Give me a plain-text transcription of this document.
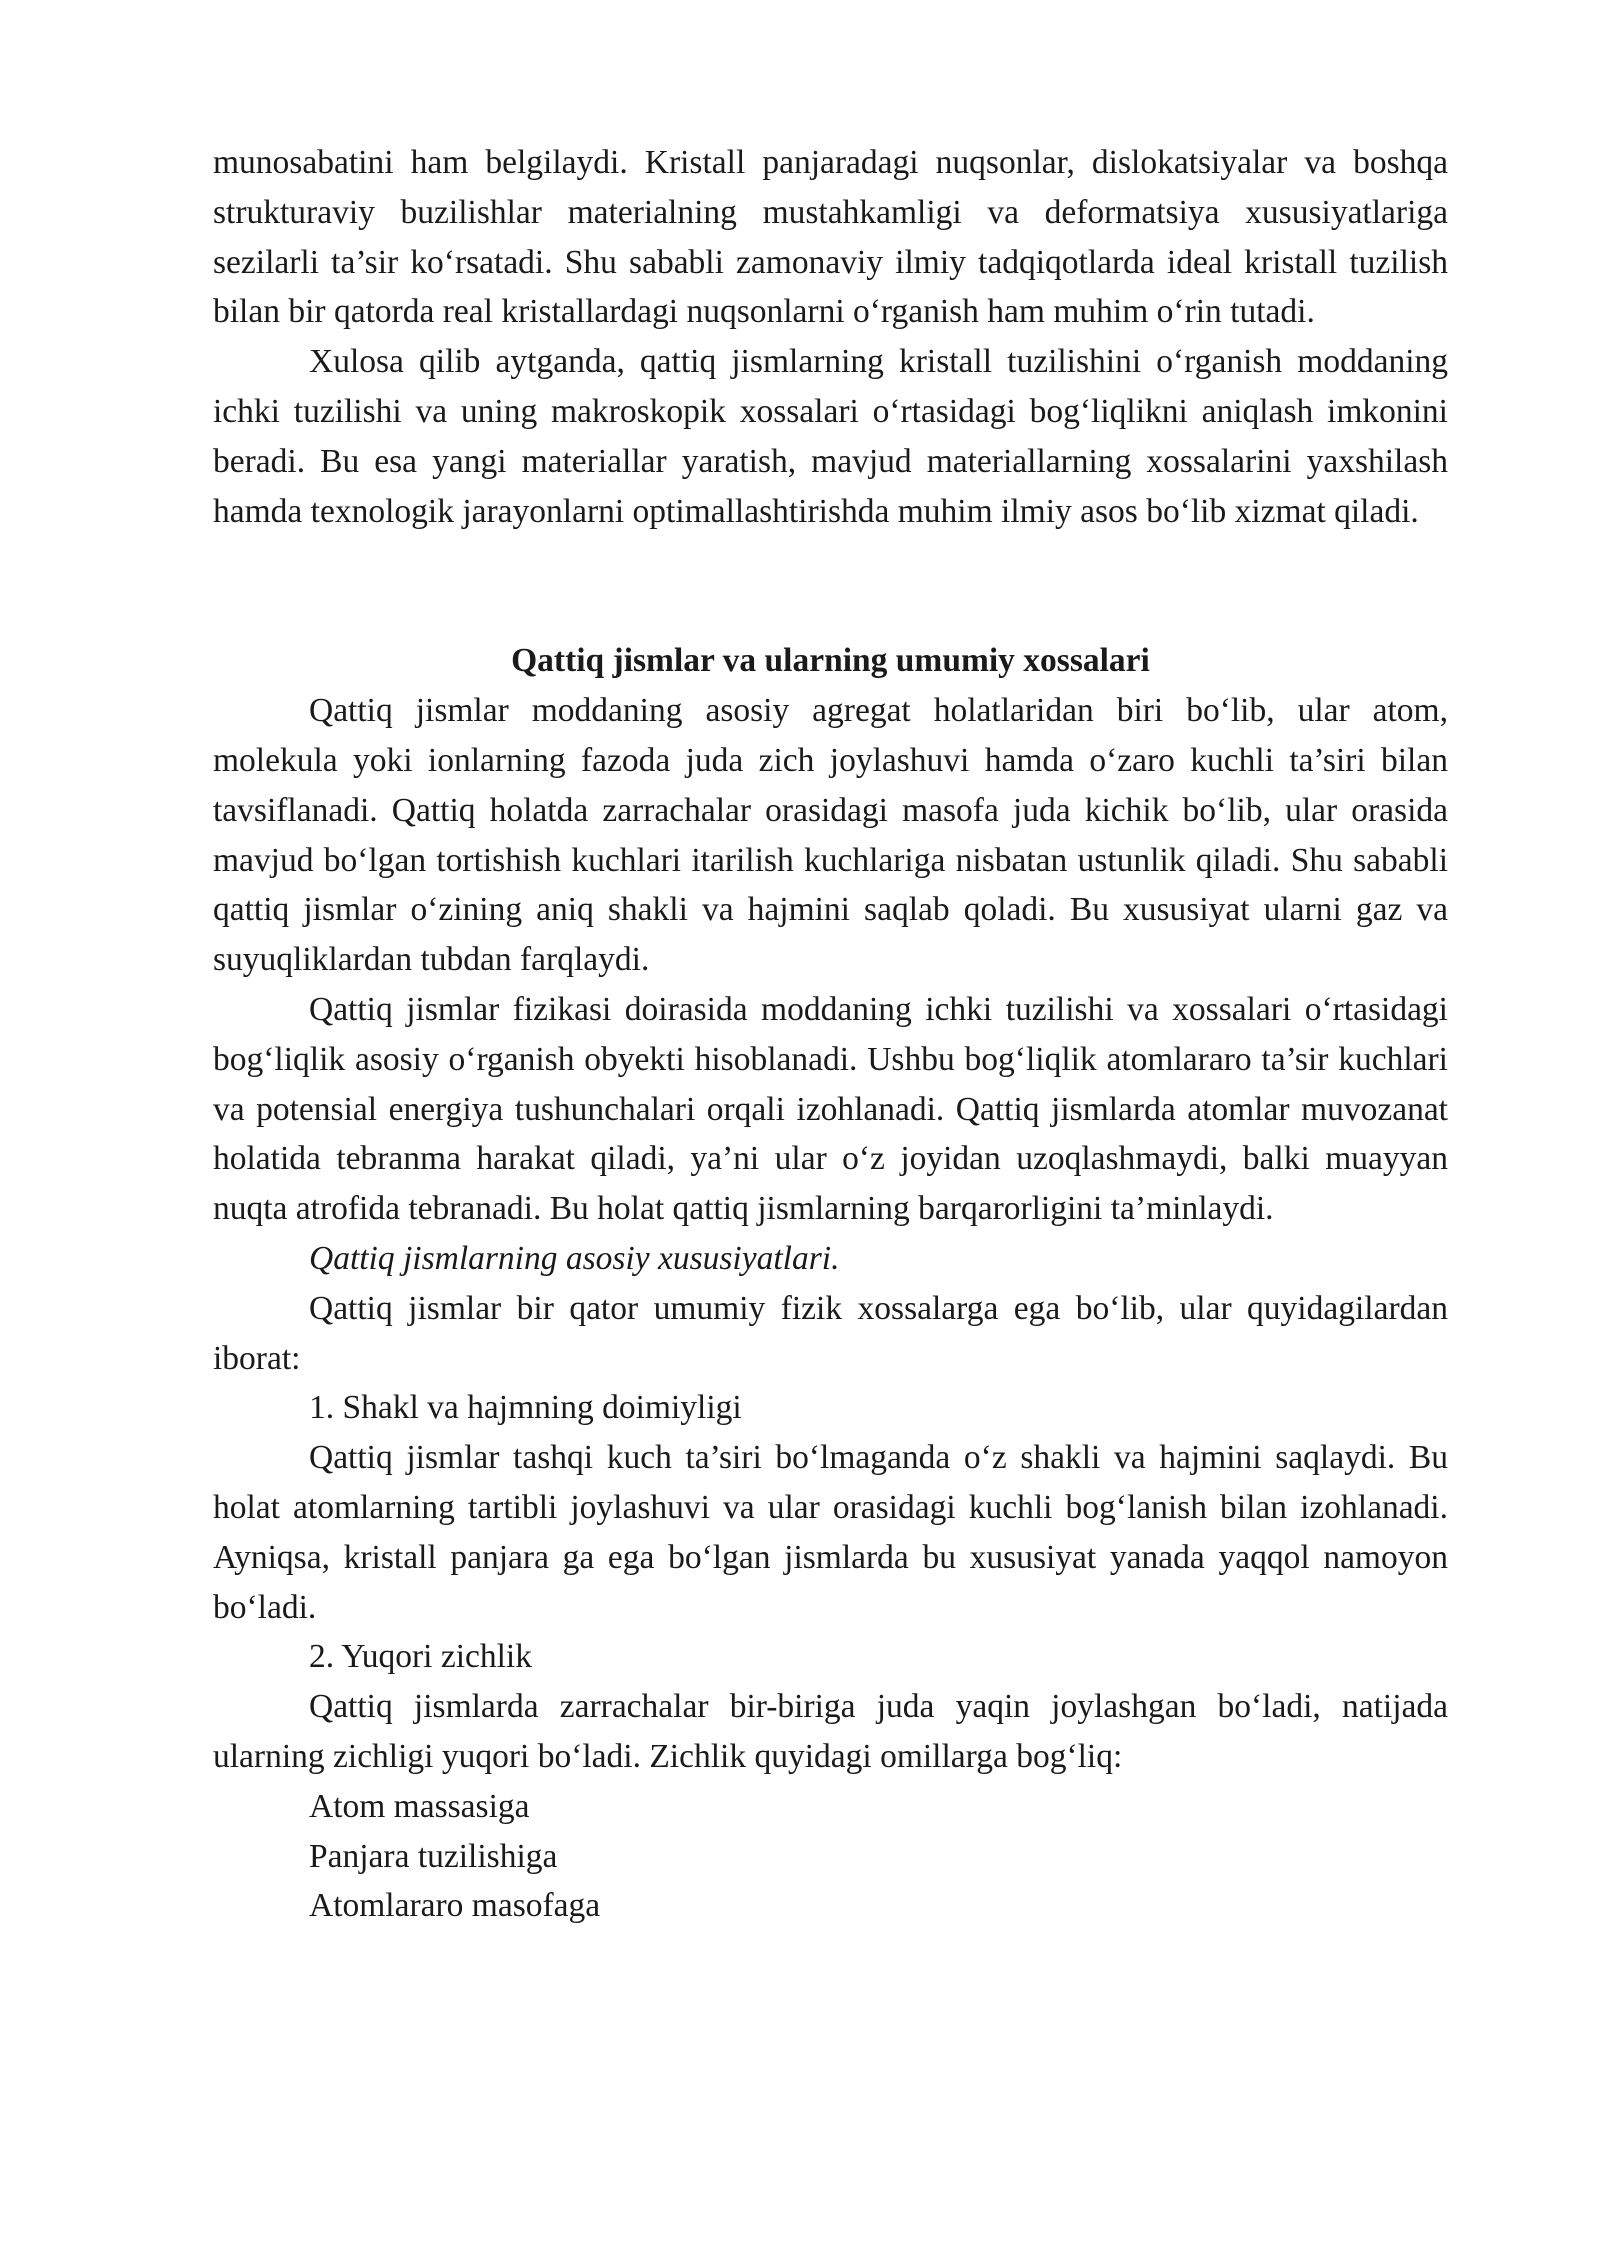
munosabatini ham belgilaydi. Kristall panjaradagi nuqsonlar, dislokatsiyalar va boshqa strukturaviy buzilishlar materialning mustahkamligi va deformatsiya xususiyatlariga sezilarli ta’sir ko‘rsatadi. Shu sababli zamonaviy ilmiy tadqiqotlarda ideal kristall tuzilish bilan bir qatorda real kristallardagi nuqsonlarni o‘rganish ham muhim o‘rin tutadi.

Xulosa qilib aytganda, qattiq jismlarning kristall tuzilishini o‘rganish moddaning ichki tuzilishi va uning makroskopik xossalari o‘rtasidagi bog‘liqlikni aniqlash imkonini beradi. Bu esa yangi materiallar yaratish, mavjud materiallarning xossalarini yaxshilash hamda texnologik jarayonlarni optimallashtirishda muhim ilmiy asos bo‘lib xizmat qiladi.

Qattiq jismlar va ularning umumiy xossalari

Qattiq jismlar moddaning asosiy agregat holatlaridan biri bo‘lib, ular atom, molekula yoki ionlarning fazoda juda zich joylashuvi hamda o‘zaro kuchli ta’siri bilan tavsiflanadi. Qattiq holatda zarrachalar orasidagi masofa juda kichik bo‘lib, ular orasida mavjud bo‘lgan tortishish kuchlari itarilish kuchlariga nisbatan ustunlik qiladi. Shu sababli qattiq jismlar o‘zining aniq shakli va hajmini saqlab qoladi. Bu xususiyat ularni gaz va suyuqliklardan tubdan farqlaydi.

Qattiq jismlar fizikasi doirasida moddaning ichki tuzilishi va xossalari o‘rtasidagi bog‘liqlik asosiy o‘rganish obyekti hisoblanadi. Ushbu bog‘liqlik atomlararo ta’sir kuchlari va potensial energiya tushunchalari orqali izohlanadi. Qattiq jismlarda atomlar muvozanat holatida tebranma harakat qiladi, ya’ni ular o‘z joyidan uzoqlashmaydi, balki muayyan nuqta atrofida tebranadi. Bu holat qattiq jismlarning barqarorligini ta’minlaydi.

Qattiq jismlarning asosiy xususiyatlari.

Qattiq jismlar bir qator umumiy fizik xossalarga ega bo‘lib, ular quyidagilardan iborat:

1. Shakl va hajmning doimiyligi

Qattiq jismlar tashqi kuch ta’siri bo‘lmaganda o‘z shakli va hajmini saqlaydi. Bu holat atomlarning tartibli joylashuvi va ular orasidagi kuchli bog‘lanish bilan izohlanadi. Ayniqsa, kristall panjara ga ega bo‘lgan jismlarda bu xususiyat yanada yaqqol namoyon bo‘ladi.

2. Yuqori zichlik

Qattiq jismlarda zarrachalar bir-biriga juda yaqin joylashgan bo‘ladi, natijada ularning zichligi yuqori bo‘ladi. Zichlik quyidagi omillarga bog‘liq:

Atom massasiga

Panjara tuzilishiga

Atomlararo masofaga
